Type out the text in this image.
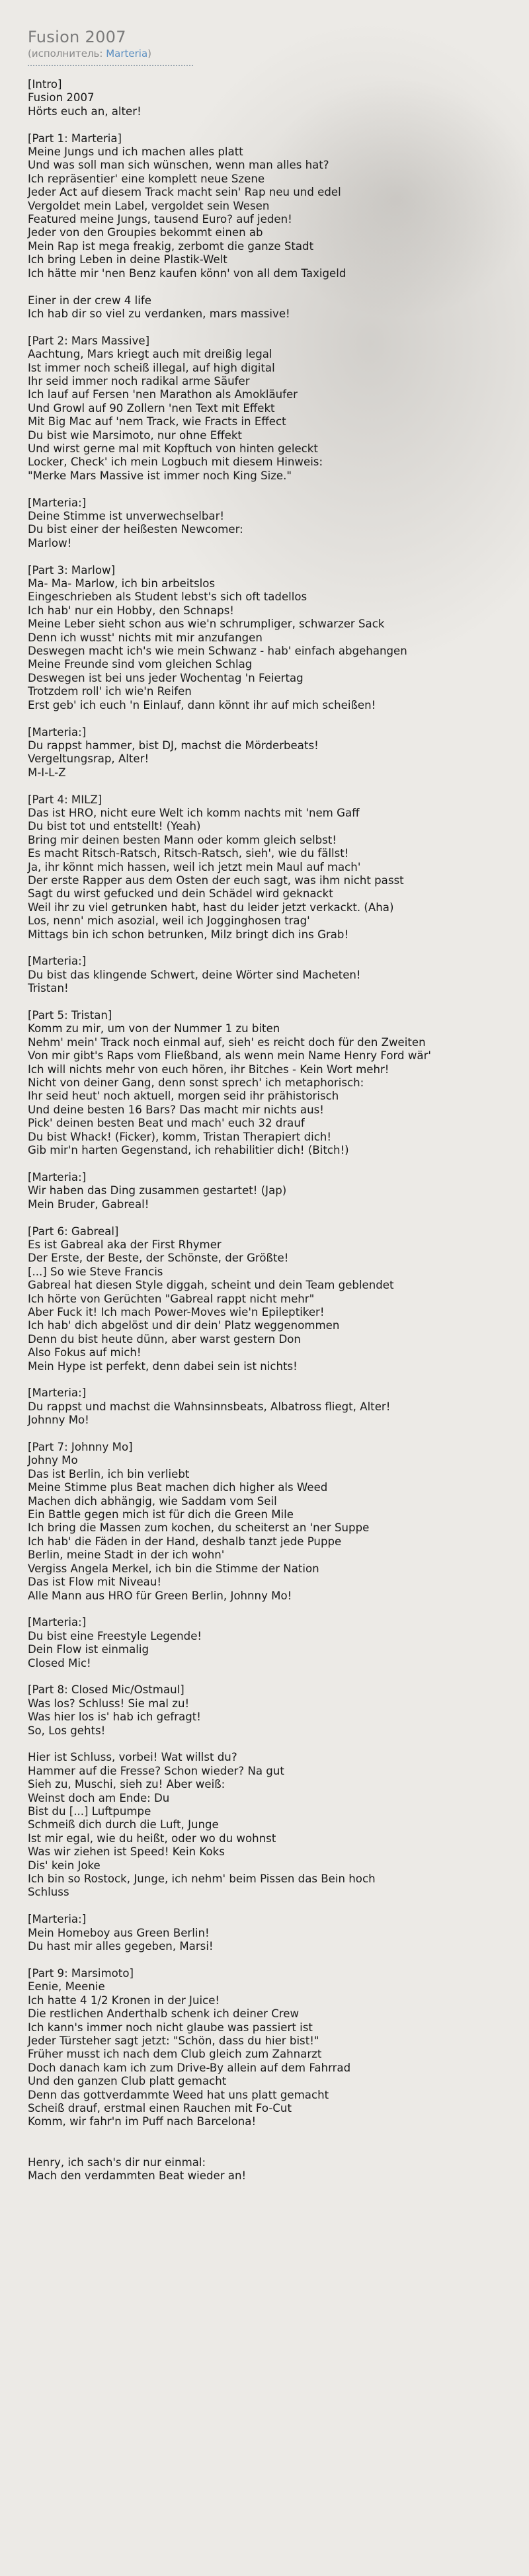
Fusion 2007
(исполнитель: Marteria)
[Intro]
Fusion 2007
Hörts euch an, alter!

[Part 1: Marteria]
Meine Jungs und ich machen alles platt
Und was soll man sich wünschen, wenn man alles hat?
Ich repräsentier' eine komplett neue Szene
Jeder Act auf diesem Track macht sein' Rap neu und edel
Vergoldet mein Label, vergoldet sein Wesen
Featured meine Jungs, tausend Euro? auf jeden!
Jeder von den Groupies bekommt einen ab
Mein Rap ist mega freakig, zerbomt die ganze Stadt
Ich bring Leben in deine Plastik-Welt
Ich hätte mir 'nen Benz kaufen könn' von all dem Taxigeld

Einer in der crew 4 life
Ich hab dir so viel zu verdanken, mars massive!

[Part 2: Mars Massive]
Aachtung, Mars kriegt auch mit dreißig legal
Ist immer noch scheiß illegal, auf high digital
Ihr seid immer noch radikal arme Säufer
Ich lauf auf Fersen 'nen Marathon als Amokläufer
Und Growl auf 90 Zollern 'nen Text mit Effekt
Mit Big Mac auf 'nem Track, wie Fracts in Effect
Du bist wie Marsimoto, nur ohne Effekt
Und wirst gerne mal mit Kopftuch von hinten geleckt
Locker, Check' ich mein Logbuch mit diesem Hinweis:
"Merke Mars Massive ist immer noch King Size."

[Marteria:]
Deine Stimme ist unverwechselbar!
Du bist einer der heißesten Newcomer:
Marlow!

[Part 3: Marlow]
Ma- Ma- Marlow, ich bin arbeitslos
Eingeschrieben als Student lebst's sich oft tadellos
Ich hab' nur ein Hobby, den Schnaps!
Meine Leber sieht schon aus wie'n schrumpliger, schwarzer Sack
Denn ich wusst' nichts mit mir anzufangen
Deswegen macht ich's wie mein Schwanz - hab' einfach abgehangen
Meine Freunde sind vom gleichen Schlag
Deswegen ist bei uns jeder Wochentag 'n Feiertag
Trotzdem roll' ich wie'n Reifen
Erst geb' ich euch 'n Einlauf, dann könnt ihr auf mich scheißen!

[Marteria:]
Du rappst hammer, bist DJ, machst die Mörderbeats!
Vergeltungsrap, Alter!
M-I-L-Z

[Part 4: MILZ]
Das ist HRO, nicht eure Welt ich komm nachts mit 'nem Gaff
Du bist tot und entstellt! (Yeah)
Bring mir deinen besten Mann oder komm gleich selbst!
Es macht Ritsch-Ratsch, Ritsch-Ratsch, sieh', wie du fällst!
Ja, ihr könnt mich hassen, weil ich jetzt mein Maul auf mach'
Der erste Rapper aus dem Osten der euch sagt, was ihm nicht passt
Sagt du wirst gefucked und dein Schädel wird geknackt
Weil ihr zu viel getrunken habt, hast du leider jetzt verkackt. (Aha)
Los, nenn' mich asozial, weil ich Jogginghosen trag'
Mittags bin ich schon betrunken, Milz bringt dich ins Grab!

[Marteria:]
Du bist das klingende Schwert, deine Wörter sind Macheten!
Tristan!

[Part 5: Tristan]
Komm zu mir, um von der Nummer 1 zu biten
Nehm' mein' Track noch einmal auf, sieh' es reicht doch für den Zweiten
Von mir gibt's Raps vom Fließband, als wenn mein Name Henry Ford wär'
Ich will nichts mehr von euch hören, ihr Bitches - Kein Wort mehr!
Nicht von deiner Gang, denn sonst sprech' ich metaphorisch:
Ihr seid heut' noch aktuell, morgen seid ihr prähistorisch
Und deine besten 16 Bars? Das macht mir nichts aus!
Pick' deinen besten Beat und mach' euch 32 drauf
Du bist Whack! (Ficker), komm, Tristan Therapiert dich!
Gib mir'n harten Gegenstand, ich rehabilitier dich! (Bitch!)

[Marteria:]
Wir haben das Ding zusammen gestartet! (Jap)
Mein Bruder, Gabreal!

[Part 6: Gabreal]
Es ist Gabreal aka der First Rhymer
Der Erste, der Beste, der Schönste, der Größte!
[...] So wie Steve Francis
Gabreal hat diesen Style diggah, scheint und dein Team geblendet
Ich hörte von Gerüchten "Gabreal rappt nicht mehr"
Aber Fuck it! Ich mach Power-Moves wie'n Epileptiker!
Ich hab' dich abgelöst und dir dein' Platz weggenommen
Denn du bist heute dünn, aber warst gestern Don
Also Fokus auf mich!
Mein Hype ist perfekt, denn dabei sein ist nichts!

[Marteria:]
Du rappst und machst die Wahnsinnsbeats, Albatross fliegt, Alter!
Johnny Mo!

[Part 7: Johnny Mo]
Johny Mo
Das ist Berlin, ich bin verliebt
Meine Stimme plus Beat machen dich higher als Weed
Machen dich abhängig, wie Saddam vom Seil
Ein Battle gegen mich ist für dich die Green Mile
Ich bring die Massen zum kochen, du scheiterst an 'ner Suppe
Ich hab' die Fäden in der Hand, deshalb tanzt jede Puppe
Berlin, meine Stadt in der ich wohn'
Vergiss Angela Merkel, ich bin die Stimme der Nation
Das ist Flow mit Niveau!
Alle Mann aus HRO für Green Berlin, Johnny Mo!

[Marteria:]
Du bist eine Freestyle Legende!
Dein Flow ist einmalig
Closed Mic!

[Part 8: Closed Mic/Ostmaul]
Was los? Schluss! Sie mal zu!
Was hier los is' hab ich gefragt!
So, Los gehts!

Hier ist Schluss, vorbei! Wat willst du?
Hammer auf die Fresse? Schon wieder? Na gut
Sieh zu, Muschi, sieh zu! Aber weiß:
Weinst doch am Ende: Du
Bist du [...] Luftpumpe
Schmeiß dich durch die Luft, Junge
Ist mir egal, wie du heißt, oder wo du wohnst
Was wir ziehen ist Speed! Kein Koks
Dis' kein Joke
Ich bin so Rostock, Junge, ich nehm' beim Pissen das Bein hoch
Schluss

[Marteria:]
Mein Homeboy aus Green Berlin!
Du hast mir alles gegeben, Marsi!

[Part 9: Marsimoto]
Eenie, Meenie
Ich hatte 4 1/2 Kronen in der Juice!
Die restlichen Anderthalb schenk ich deiner Crew
Ich kann's immer noch nicht glaube was passiert ist
Jeder Türsteher sagt jetzt: "Schön, dass du hier bist!"
Früher musst ich nach dem Club gleich zum Zahnarzt
Doch danach kam ich zum Drive-By allein auf dem Fahrrad
Und den ganzen Club platt gemacht
Denn das gottverdammte Weed hat uns platt gemacht
Scheiß drauf, erstmal einen Rauchen mit Fo-Cut
Komm, wir fahr'n im Puff nach Barcelona!

Henry, ich sach's dir nur einmal:
Mach den verdammten Beat wieder an!
